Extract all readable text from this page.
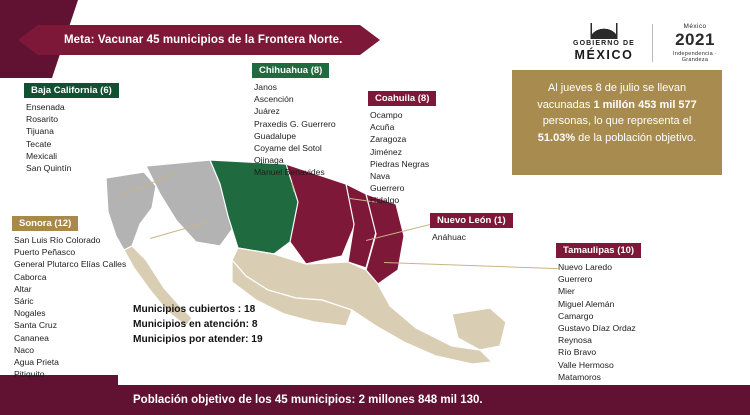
Meta: Vacunar 45 municipios de la Frontera Norte.	GOBIERNO DE
MÉXICO
México
2021
Independencia · Grandeza
Baja California (6)
Ensenada
Rosarito
Tijuana
Tecate
Mexicali
San Quintín
Sonora (12)
San Luis Río Colorado
Puerto Peñasco
General Plutarco Elías Calles
Caborca
Altar
Sáric
Nogales
Santa Cruz
Cananea
Naco
Agua Prieta
Pitiquito
Chihuahua (8)
Janos
Ascención
Juárez
Praxedis G. Guerrero
Guadalupe
Coyame del Sotol
Ojinaga
Manuel Benavides
Coahuila (8)
Ocampo
Acuña
Zaragoza
Jiménez
Piedras Negras
Nava
Guerrero
Hidalgo
Nuevo León (1)
Anáhuac
Tamaulipas (10)
Nuevo Laredo
Guerrero
Mier
Miguel Alemán
Camargo
Gustavo Díaz Ordaz
Reynosa
Río Bravo
Valle Hermoso
Matamoros
Al jueves 8 de julio se llevan vacunadas 1 millón 453 mil 577 personas, lo que representa el 51.03% de la población objetivo.
Municipios cubiertos : 18
Municipios en atención: 8
Municipios por atender: 19
Población objetivo de los 45 municipios: 2 millones 848 mil 130.
